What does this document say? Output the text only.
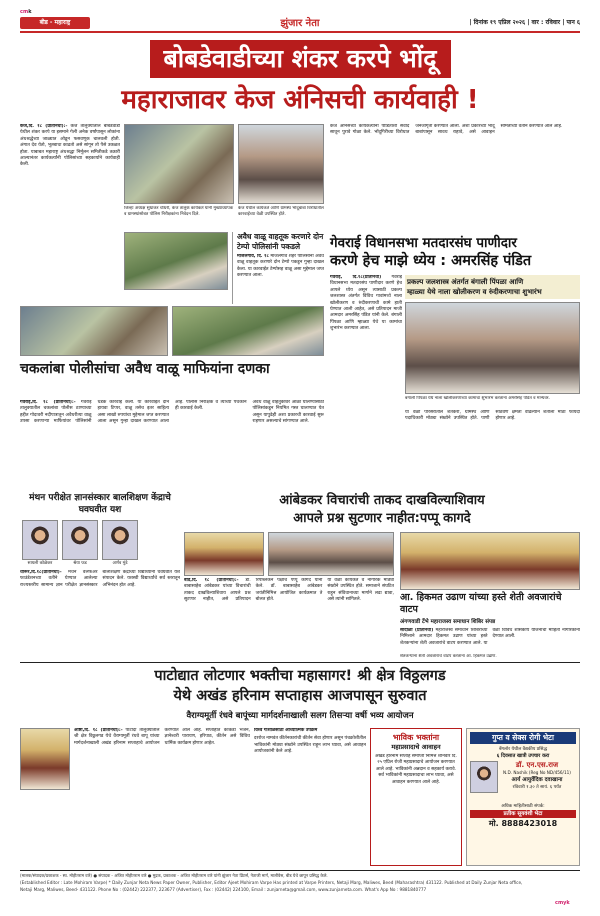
cmk
बीड - महाराष्ट्र	झुंजार नेता	| दिनांक १९ एप्रिल २०२६ | वार : रविवार | पान ६
बोबडेवाडीच्या शंकर करपे भोंदू
महाराजावर केज अंनिसची कार्यवाही !

केज,दि. १८ (प्रतिनिधी):- केज तालुक्यातील बोबडेवाडी येथील शंकर करपे या इसमाने गेली अनेक वर्षांपासून लोकांना अंधश्रद्धेच्या जाळ्यात ओढून फसवणूक चालवली होती. अंगात देव येतो, भूतबाधा काढतो असे सांगून तो पैसे उकळत होता. याबाबत महाराष्ट्र अंधश्रद्धा निर्मूलन समितीकडे तक्रारी आल्यानंतर कार्यकर्त्यांनी पोलिसांच्या सहकार्याने कार्यवाही केली.

जिल्हा अध्यक्ष सुधाकर चौधरी, केज तालुके कार्यकर्ते यांनी मुख्याध्यापक व ग्रामस्थांसोबत पोलिस निरीक्षकांना निवेदन दिले.
केज येथील कार्यकर्ते आणि ग्रामस्थ भोंदूबाबा विरोधातील कारवाईच्या वेळी उपस्थित होते.

केज अंनिसच्या कार्यकर्त्यांनी पीडितांशी संवाद साधून पुरावे गोळा केले. भोंदूगिरीच्या विरोधात जनजागृती करण्यात आली. अशा प्रकारच्या भोंदू बाबांपासून सावध राहावे, असे आवाहन समितीच्या वतीने करण्यात आले आहे.

अवैध वाळू वाहतूक करणारे दोन टेम्पो पोलिसांनी पकडले
माजलगाव, दि. १८ माजलगाव शहर पोलिसांनी अवैध वाळू वाहतूक करणारे दोन टेम्पो पकडून गुन्हा दाखल केला. या कारवाईत टेम्पोसह वाळू असा मुद्देमाल जप्त करण्यात आला.
गेवराई विधानसभा मतदारसंघ पाणीदार
करणे हेच माझे ध्येय : अमरसिंह पंडित
प्रकल्प जलशास्त्र अंतर्गत बंगाली पिंपळा आणि
म्हाळ्या येथे नाला खोलीकरण व रुंदीकरणाचा शुभारंभ

गेवराई, दि.१८(प्रतिनिधी) गेवराई विधानसभा मतदारसंघ पाणीदार करणे हेच आपले ध्येय असून त्यासाठी प्रकल्प जलशास्त्र अंतर्गत विविध गावांमध्ये नाला खोलीकरण व रुंदीकरणाची कामे हाती घेण्यात आली आहेत, असे प्रतिपादन माजी आमदार अमरसिंह पंडित यांनी केले. बंगाली पिंपळा आणि म्हाळ्या येथे या कामांचा शुभारंभ करण्यात आला.

बंगाली पिंपळा येथे नाला खोलीकरणाच्या कामाचा शुभारंभ करताना अमरसिंह पंडित व मान्यवर.

या वेळी परिसरातील शेतकरी, ग्रामस्थ आणि पदाधिकारी मोठ्या संख्येने उपस्थित होते. पाणी साठवण क्षमता वाढल्याने शेतीला मोठा फायदा होणार आहे.

चकलांबा पोलीसांचा अवैध वाळू माफियांना दणका

गेवराई,दि. १८ (प्रतिनिधी):- गेवराई तालुक्यातील चकलांबा पोलीस ठाण्याच्या हद्दीत गोदावरी नदीपात्रातून अवैधरीत्या वाळू उपसा करणाऱ्या माफियांवर पोलिसांनी धडक कारवाई केली. या कारवाईत दोन हायवा टिप्पर, वाळू तसेच इतर साहित्य असा लाखो रुपयांचा मुद्देमाल जप्त करण्यात आला असून गुन्हा दाखल करण्यात आला आहे. पोलीस निरीक्षक व त्यांच्या पथकाने ही कारवाई केली.

अवैध वाळू वाहतुकीवर आळा घालण्यासाठी पोलिसांकडून नियमित गस्त घालण्यात येत असून यापुढेही अशा प्रकारची कारवाई सुरू राहणार असल्याचे सांगण्यात आले.

मंथन परीक्षेत ज्ञानसंस्कार बालशिक्षण केंद्राचे घवघवीत यश
सायली कोळेकर	श्रेया फड	अर्णव मुंडे

धारूर,दि.१८(प्रतिनिधी)- मंथन वेलफेअर फाउंडेशनच्या वतीने घेण्यात आलेल्या राज्यस्तरीय सामान्य ज्ञान परीक्षेत ज्ञानसंस्कार बालशिक्षण केंद्राच्या विद्यार्थ्यांनी घवघवीत यश संपादन केले. यशस्वी विद्यार्थ्यांचे सर्व स्तरातून अभिनंदन होत आहे.

आंबेडकर विचारांची ताकद दाखविल्याशिवाय
आपले प्रश्न सुटणार नाहीत:पप्पू कागदे

बीड,दि. १८ (प्रतिनिधी):- डॉ. बाबासाहेब आंबेडकर यांच्या विचारांची ताकद दाखविल्याशिवाय आपले प्रश्न सुटणार नाहीत, असे प्रतिपादन रिपब्लिकन पक्षाचे पप्पू कागदे यांनी केले. डॉ. बाबासाहेब आंबेडकर जयंतीनिमित्त आयोजित कार्यक्रमात ते बोलत होते.

या वेळी कार्यकर्ते व नागरिक मोठ्या संख्येने उपस्थित होते. समाजाने संघटित राहून संविधानाच्या मार्गाने लढा द्यावा, असे त्यांनी सांगितले.	आ. हिकमत उढाण यांच्या हस्ते शेती अवजारांचे वाटप
अंगणवाडी टेंभे महाराजस्व समाधान शिबिर संपन्न

सादोळा (प्रतिनिधी) महाराजस्व समाधान शिबिराच्या निमित्ताने आमदार हिकमत उढाण यांच्या हस्ते शेतकऱ्यांना शेती अवजारांचे वाटप करण्यात आले. या वेळी विविध शासकीय योजनांची माहिती नागरिकांना देण्यात आली.

शेतकऱ्यांना शेती अवजारांचे वाटप करताना आ. हिकमत उढाण.
पाटोद्यात लोटणार भक्तीचा महासागर! श्री क्षेत्र विठ्ठलगड
येथे अखंड हरिनाम सप्ताहास आजपासून सुरुवात
वैराग्यमूर्ती रंधवे बापूंच्या मार्गदर्शनाखाली सलग तिसऱ्या वर्षी भव्य आयोजन

आष्टी,दि. १८ (प्रतिनिधी):- पाटोदा तालुक्यातील श्री क्षेत्र विठ्ठलगड येथे वैराग्यमूर्ती रंधवे बापू यांच्या मार्गदर्शनाखाली अखंड हरिनाम सप्ताहाचे आयोजन करण्यात आले आहे. सप्ताहात काकडा भजन, ज्ञानेश्वरी पारायण, हरिपाठ, कीर्तन असे विविध धार्मिक कार्यक्रम होणार आहेत.

विश्व गौशाळेसाठी आध्यात्मिक उपक्रम

दररोज नामवंत कीर्तनकारांची कीर्तन सेवा होणार असून पंचक्रोशीतील भाविकांनी मोठ्या संख्येने उपस्थित राहून लाभ घ्यावा, असे आवाहन आयोजकांनी केले आहे.

भाविक भक्तांना
महाप्रसादाचे आवाहन
अखंड हरिनाम सप्ताह समाप्ती निमित्त शनिवार दि. २५ एप्रिल रोजी महाप्रसादाचे आयोजन करण्यात आले आहे. भाविकांनी अन्नदान व सहकार्य करावे. सर्व भाविकांनी महाप्रसादाचा लाभ घ्यावा, असे आवाहन करण्यात आले आहे.
गुप्त व सेक्स रोगी भेटा
बेंगलोर येथील वैद्यकीय प्रसिद्ध
६ दिवसात खात्री उपचार करा
डॉ. एन.एस.राज
N.D. Nashik (Reg No ND/456/11)
आर्य आयुर्वेदिक दवाखाना
रविवारी १.३० ते सायं. ६ पर्यंत
अधिक माहितीसाठी संपर्क:
प्रतीक सूयवंशी भेटा
मो. 8888423018
(मालक/संपादक/प्रकाशक - स्व. मोहीतराम वारे) ● संपादक - अजित मोहीतराम वारे ● मुद्रक, प्रकाशक - अजित मोहीतराम वारे यांनी झुंजार नेता प्रिंटर्स, नेताजी मार्ग, मालीवेस, बीड येथे छापून प्रसिद्ध केले.
(Established Editor : Late Mohiram Varpe) * Daily Zunjar Neta News Paper Owner, Publisher, Editor Ajeet Mohiram Varpe Has printed at Varpe Printers, Netaji Marg, Maliwes, Beed (Maharashtra) 431122. Published at Daily Zunjar Neta office,
Netaji Marg, Maliwes, Beed- 431122. Phone No : (02442) 222377, 223677 (Advertiser), Fax : (02442) 224100, Email : zunjarneta@gmail.com, www.zunjarneta.com. What's App No : 9881840777
cmyk
